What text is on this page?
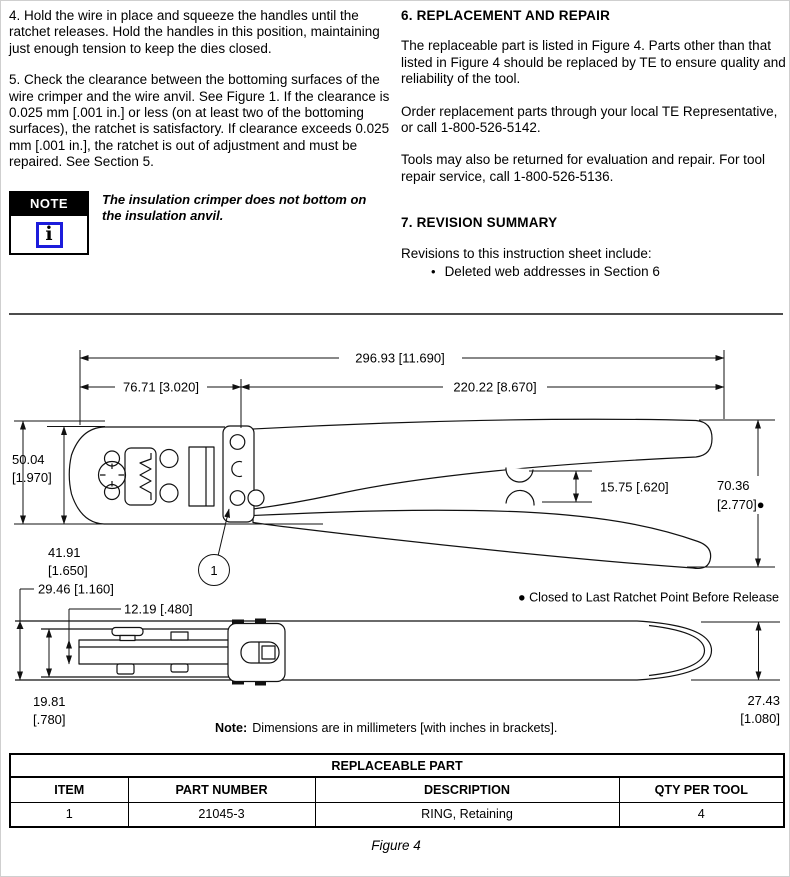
4. Hold the wire in place and squeeze the handles until the ratchet releases. Hold the handles in this position, maintaining just enough tension to keep the dies closed.

5. Check the clearance between the bottoming surfaces of the wire crimper and the wire anvil. See Figure 1. If the clearance is 0.025 mm [.001 in.] or less (on at least two of the bottoming surfaces), the ratchet is satisfactory. If clearance exceeds 0.025 mm [.001 in.], the ratchet is out of adjustment and must be repaired. See Section 5.

NOTE
i

The insulation crimper does not bottom on the insulation anvil.

6. REPLACEMENT AND REPAIR

The replaceable part is listed in Figure 4. Parts other than that listed in Figure 4 should be replaced by TE to ensure quality and reliability of the tool.

Order replacement parts through your local TE Representative, or call 1-800-526-5142.

Tools may also be returned for evaluation and repair. For tool repair service, call 1-800-526-5136.

7. REVISION SUMMARY

Revisions to this instruction sheet include:

• Deleted web addresses in Section 6
296.93 [11.690]
76.71 [3.020]	220.22 [8.670]
50.04
[1.970]
41.91
[1.650]
15.75 [.620]	70.36
[2.770]●
29.46 [1.160]
12.19 [.480]
19.81
[.780]
27.43
[1.080]
1
● Closed to Last Ratchet Point Before Release
Note: Dimensions are in millimeters [with inches in brackets].
REPLACEABLE PART			
ITEM	PART NUMBER	DESCRIPTION	QTY PER TOOL
1	21045-3	RING, Retaining	4
Figure 4
